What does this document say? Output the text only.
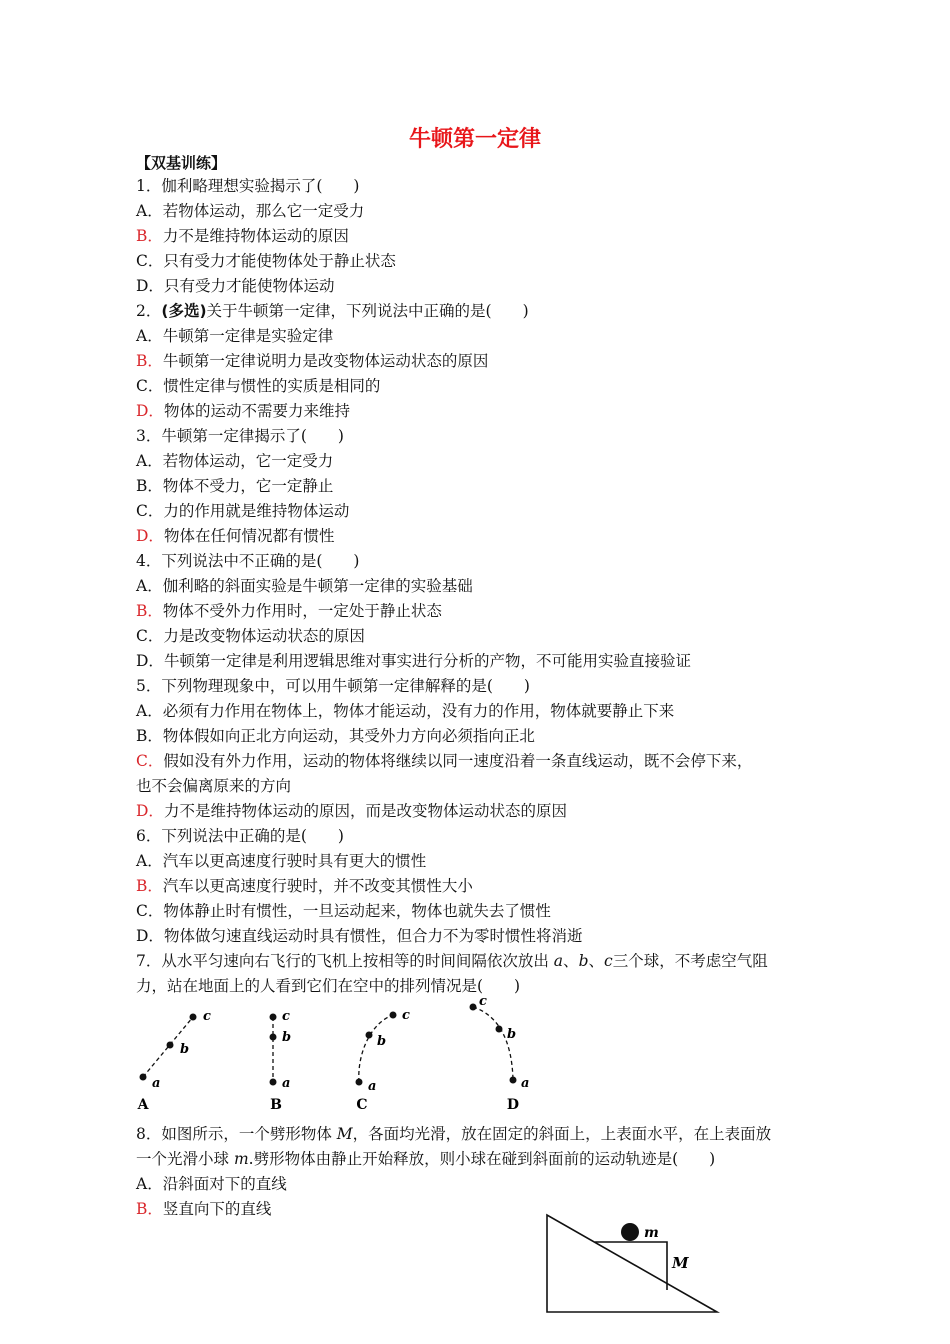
牛顿第一定律
【双基训练】
1．伽利略理想实验揭示了(　　)
A．若物体运动，那么它一定受力
B．力不是维持物体运动的原因
C．只有受力才能使物体处于静止状态
D．只有受力才能使物体运动
2．(多选)关于牛顿第一定律，下列说法中正确的是(　　)
A．牛顿第一定律是实验定律
B．牛顿第一定律说明力是改变物体运动状态的原因
C．惯性定律与惯性的实质是相同的
D．物体的运动不需要力来维持
3．牛顿第一定律揭示了(　　)
A．若物体运动，它一定受力
B．物体不受力，它一定静止
C．力的作用就是维持物体运动
D．物体在任何情况都有惯性
4．下列说法中不正确的是(　　)
A．伽利略的斜面实验是牛顿第一定律的实验基础
B．物体不受外力作用时，一定处于静止状态
C．力是改变物体运动状态的原因
D．牛顿第一定律是利用逻辑思维对事实进行分析的产物，不可能用实验直接验证
5．下列物理现象中，可以用牛顿第一定律解释的是(　　)
A．必须有力作用在物体上，物体才能运动，没有力的作用，物体就要静止下来
B．物体假如向正北方向运动，其受外力方向必须指向正北
C．假如没有外力作用，运动的物体将继续以同一速度沿着一条直线运动，既不会停下来，
也不会偏离原来的方向
D．力不是维持物体运动的原因，而是改变物体运动状态的原因
6．下列说法中正确的是(　　)
A．汽车以更高速度行驶时具有更大的惯性
B．汽车以更高速度行驶时，并不改变其惯性大小
C．物体静止时有惯性，一旦运动起来，物体也就失去了惯性
D．物体做匀速直线运动时具有惯性，但合力不为零时惯性将消逝
7．从水平匀速向右飞行的飞机上按相等的时间间隔依次放出 a、b、c三个球，不考虑空气阻
力，站在地面上的人看到它们在空中的排列情况是(　　)
a
b
c
A
c
b
a
B
a
b
c
C
c
b
a
D
8．如图所示，一个劈形物体 M，各面均光滑，放在固定的斜面上，上表面水平，在上表面放
一个光滑小球 m.劈形物体由静止开始释放，则小球在碰到斜面前的运动轨迹是(　　)
A．沿斜面对下的直线
B．竖直向下的直线
m
M
